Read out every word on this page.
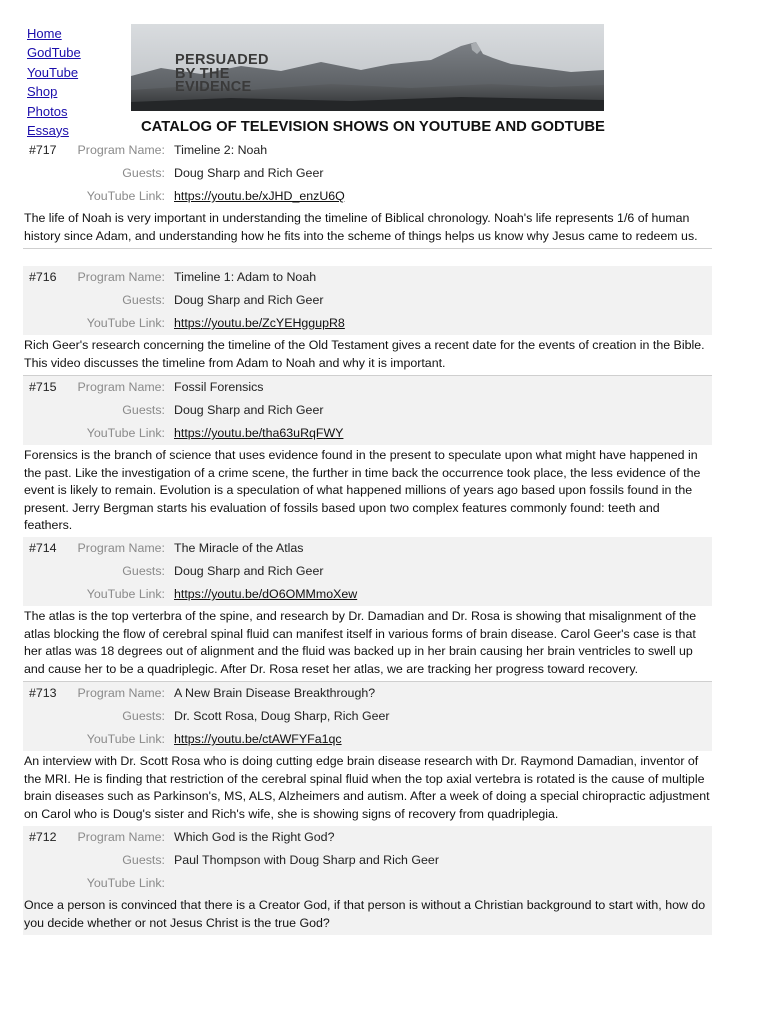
Home
GodTube
YouTube
Shop
Photos
Essays
PERSUADED
BY THE
EVIDENCE
CATALOG OF TELEVISION SHOWS ON YOUTUBE AND GODTUBE
#717 Program Name: Timeline 2: Noah
Guests: Doug Sharp and Rich Geer
YouTube Link: https://youtu.be/xJHD_enzU6Q
The life of Noah is very important in understanding the timeline of Biblical chronology. Noah's life represents 1/6 of human history since Adam, and understanding how he fits into the scheme of things helps us know why Jesus came to redeem us.
#716 Program Name: Timeline 1: Adam to Noah
Guests: Doug Sharp and Rich Geer
YouTube Link: https://youtu.be/ZcYEHggupR8
Rich Geer's research concerning the timeline of the Old Testament gives a recent date for the events of creation in the Bible. This video discusses the timeline from Adam to Noah and why it is important.
#715 Program Name: Fossil Forensics
Guests: Doug Sharp and Rich Geer
YouTube Link: https://youtu.be/tha63uRqFWY
Forensics is the branch of science that uses evidence found in the present to speculate upon what might have happened in the past. Like the investigation of a crime scene, the further in time back the occurrence took place, the less evidence of the event is likely to remain. Evolution is a speculation of what happened millions of years ago based upon fossils found in the present. Jerry Bergman starts his evaluation of fossils based upon two complex features commonly found: teeth and feathers.
#714 Program Name: The Miracle of the Atlas
Guests: Doug Sharp and Rich Geer
YouTube Link: https://youtu.be/dO6OMMmoXew
The atlas is the top verterbra of the spine, and research by Dr. Damadian and Dr. Rosa is showing that misalignment of the atlas blocking the flow of cerebral spinal fluid can manifest itself in various forms of brain disease. Carol Geer's case is that her atlas was 18 degrees out of alignment and the fluid was backed up in her brain causing her brain ventricles to swell up and cause her to be a quadriplegic. After Dr. Rosa reset her atlas, we are tracking her progress toward recovery.
#713 Program Name: A New Brain Disease Breakthrough?
Guests: Dr. Scott Rosa, Doug Sharp, Rich Geer
YouTube Link: https://youtu.be/ctAWFYFa1qc
An interview with Dr. Scott Rosa who is doing cutting edge brain disease research with Dr. Raymond Damadian, inventor of the MRI. He is finding that restriction of the cerebral spinal fluid when the top axial vertebra is rotated is the cause of multiple brain diseases such as Parkinson's, MS, ALS, Alzheimers and autism. After a week of doing a special chiropractic adjustment on Carol who is Doug's sister and Rich's wife, she is showing signs of recovery from quadriplegia.
#712 Program Name: Which God is the Right God?
Guests: Paul Thompson with Doug Sharp and Rich Geer
YouTube Link:
Once a person is convinced that there is a Creator God, if that person is without a Christian background to start with, how do you decide whether or not Jesus Christ is the true God?
